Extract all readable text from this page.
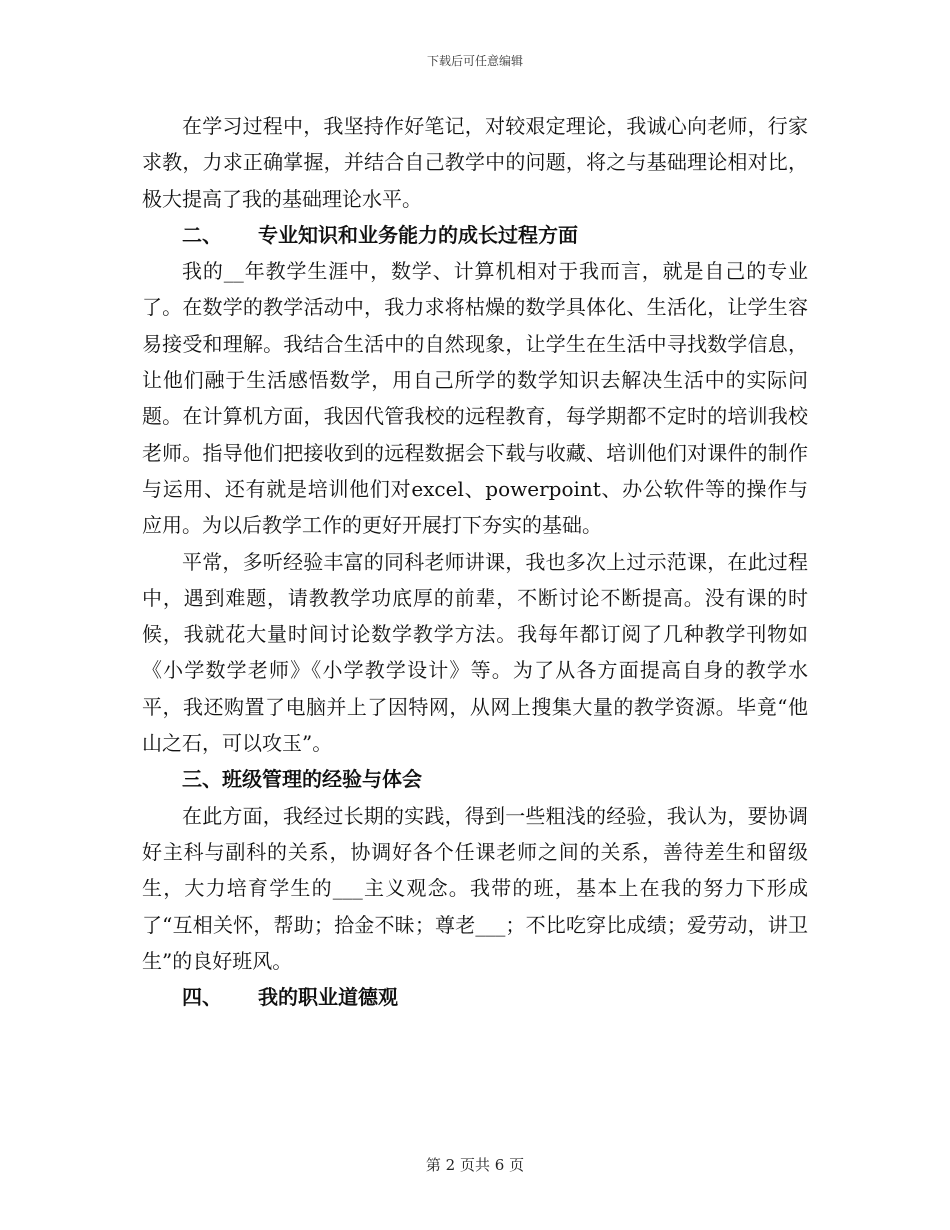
下载后可任意编辑

在学习过程中，我坚持作好笔记，对较艰定理论，我诚心向老师，行家求教，力求正确掌握，并结合自己教学中的问题，将之与基础理论相对比，极大提高了我的基础理论水平。

二、 专业知识和业务能力的成长过程方面

我的__年教学生涯中，数学、计算机相对于我而言，就是自己的专业了。在数学的教学活动中，我力求将枯燥的数学具体化、生活化，让学生容易接受和理解。我结合生活中的自然现象，让学生在生活中寻找数学信息，让他们融于生活感悟数学，用自己所学的数学知识去解决生活中的实际问题。在计算机方面，我因代管我校的远程教育，每学期都不定时的培训我校老师。指导他们把接收到的远程数据会下载与收藏、培训他们对课件的制作与运用、还有就是培训他们对excel、powerpoint、办公软件等的操作与应用。为以后教学工作的更好开展打下夯实的基础。

平常，多听经验丰富的同科老师讲课，我也多次上过示范课，在此过程中，遇到难题，请教教学功底厚的前辈，不断讨论不断提高。没有课的时候，我就花大量时间讨论数学教学方法。我每年都订阅了几种教学刊物如《小学数学老师》《小学教学设计》等。为了从各方面提高自身的教学水平，我还购置了电脑并上了因特网，从网上搜集大量的教学资源。毕竟“他山之石，可以攻玉”。

三、班级管理的经验与体会

在此方面，我经过长期的实践，得到一些粗浅的经验，我认为，要协调好主科与副科的关系，协调好各个任课老师之间的关系，善待差生和留级生，大力培育学生的___主义观念。我带的班，基本上在我的努力下形成了“互相关怀，帮助；拾金不昧；尊老___；不比吃穿比成绩；爱劳动，讲卫生”的良好班风。

四、 我的职业道德观

第 2 页共 6 页
